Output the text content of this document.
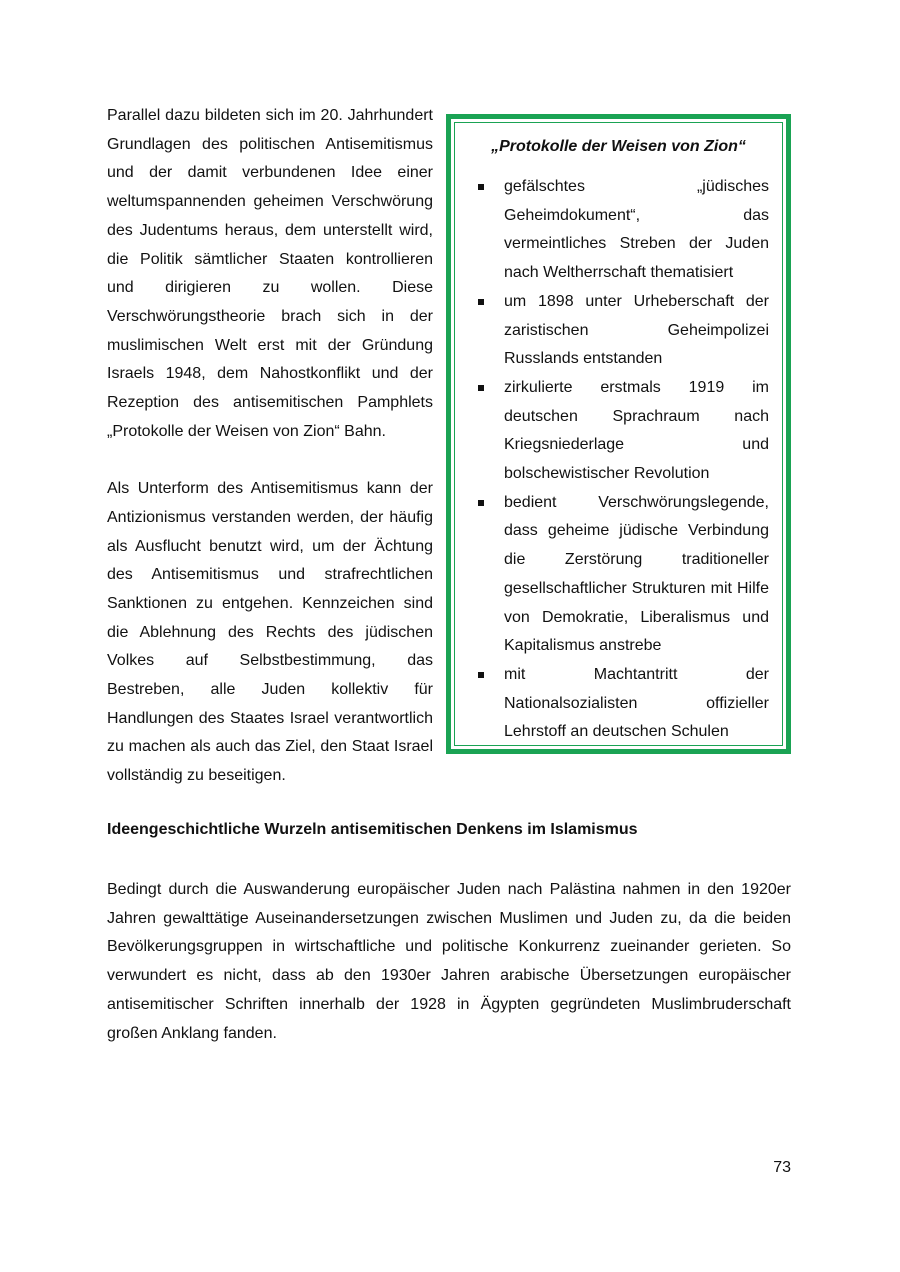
Parallel dazu bildeten sich im 20. Jahrhundert Grundlagen des politischen Antisemitismus und der damit verbundenen Idee einer weltumspannenden geheimen Verschwörung des Judentums heraus, dem unterstellt wird, die Politik sämtlicher Staaten kontrollieren und dirigieren zu wollen. Diese Verschwörungstheorie brach sich in der muslimischen Welt erst mit der Gründung Israels 1948, dem Nahostkonflikt und der Rezeption des antisemitischen Pamphlets „Protokolle der Weisen von Zion“ Bahn.

Als Unterform des Antisemitismus kann der Antizionismus verstanden werden, der häufig als Ausflucht benutzt wird, um der Ächtung des Antisemitismus und strafrechtlichen Sanktionen zu entgehen. Kennzeichen sind die Ablehnung des Rechts des jüdischen Volkes auf Selbstbestimmung, das Bestreben, alle Juden kollektiv für Handlungen des Staates Israel verantwortlich zu machen als auch das Ziel, den Staat Israel vollständig zu beseitigen.

„Protokolle der Weisen von Zion“
gefälschtes „jüdisches Geheimdokument“, das vermeintliches Streben der Juden nach Weltherrschaft thematisiert
um 1898 unter Urheberschaft der zaristischen Geheimpolizei Russlands entstanden
zirkulierte erstmals 1919 im deutschen Sprachraum nach Kriegsniederlage und bolschewistischer Revolution
bedient Verschwörungslegende, dass geheime jüdische Verbindung die Zerstörung traditioneller gesellschaftlicher Strukturen mit Hilfe von Demokratie, Liberalismus und Kapitalismus anstrebe
mit Machtantritt der Nationalsozialisten offizieller Lehrstoff an deutschen Schulen
Ideengeschichtliche Wurzeln antisemitischen Denkens im Islamismus

Bedingt durch die Auswanderung europäischer Juden nach Palästina nahmen in den 1920er Jahren gewalttätige Auseinandersetzungen zwischen Muslimen und Juden zu, da die beiden Bevölkerungsgruppen in wirtschaftliche und politische Konkurrenz zueinander gerieten. So verwundert es nicht, dass ab den 1930er Jahren arabische Übersetzungen europäischer antisemitischer Schriften innerhalb der 1928 in Ägypten gegründeten Muslimbruderschaft großen Anklang fanden.

73
